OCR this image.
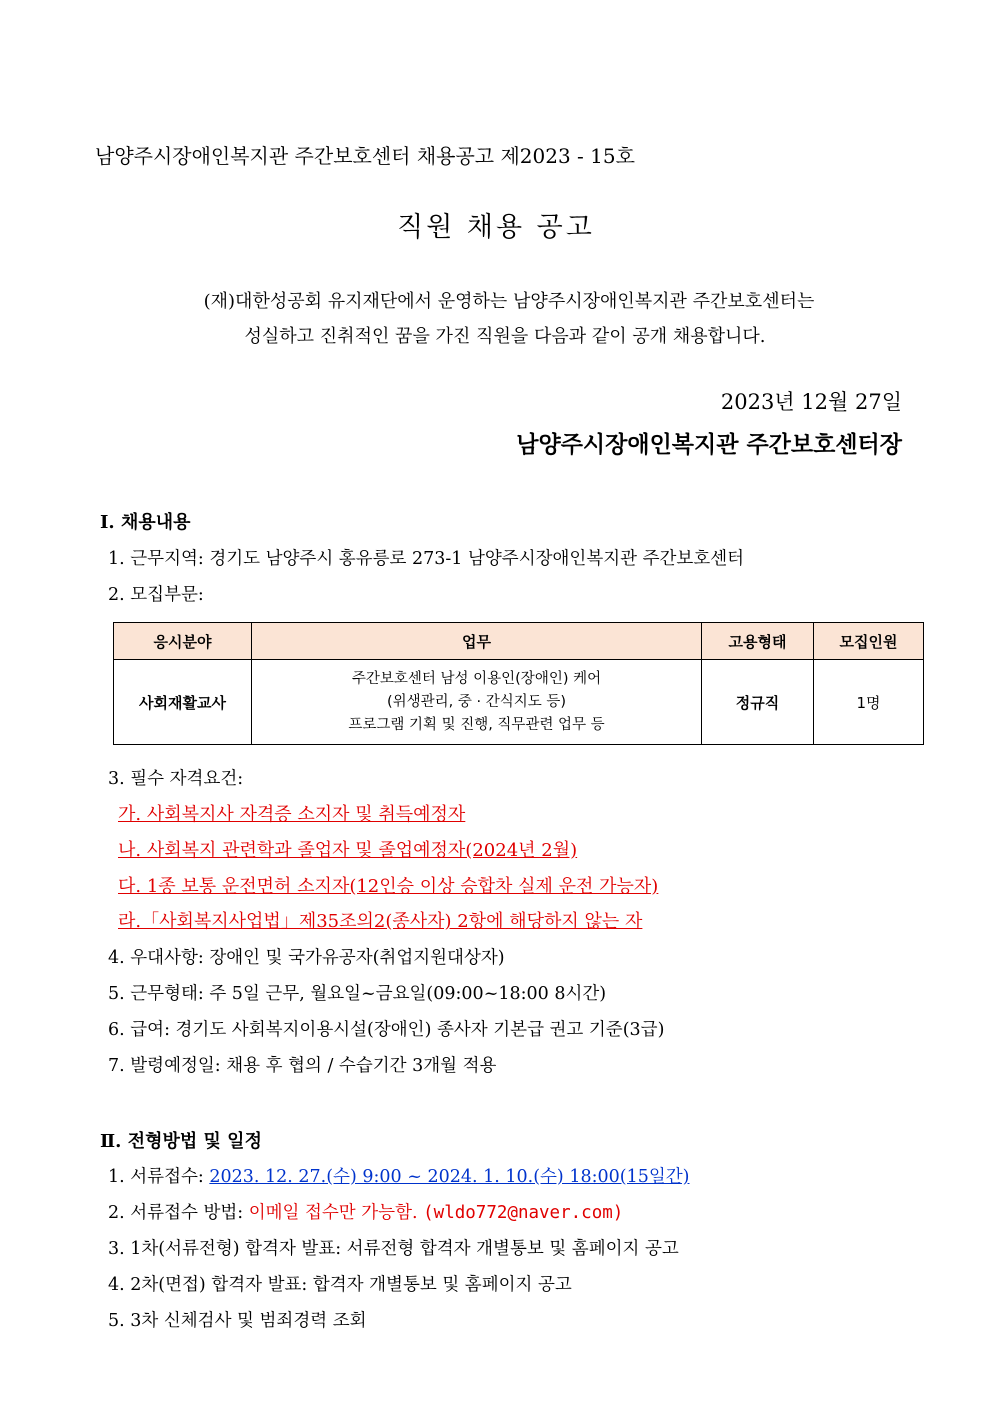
남양주시장애인복지관 주간보호센터 채용공고 제2023 - 15호
직원 채용 공고
(재)대한성공회 유지재단에서 운영하는 남양주시장애인복지관 주간보호센터는
성실하고 진취적인 꿈을 가진 직원을 다음과 같이 공개 채용합니다.
2023년 12월 27일
남양주시장애인복지관 주간보호센터장
Ⅰ. 채용내용
1. 근무지역: 경기도 남양주시 홍유릉로 273-1 남양주시장애인복지관 주간보호센터
2. 모집부문:
응시분야	업무	고용형태	모집인원
사회재활교사	주간보호센터 남성 이용인(장애인) 케어
(위생관리, 중 · 간식지도 등)
프로그램 기획 및 진행, 직무관련 업무 등	정규직	1명
3. 필수 자격요건:
가. 사회복지사 자격증 소지자 및 취득예정자
나. 사회복지 관련학과 졸업자 및 졸업예정자(2024년 2월)
다. 1종 보통 운전면허 소지자(12인승 이상 승합차 실제 운전 가능자)
라.「사회복지사업법」제35조의2(종사자) 2항에 해당하지 않는 자
4. 우대사항: 장애인 및 국가유공자(취업지원대상자)
5. 근무형태: 주 5일 근무, 월요일~금요일(09:00~18:00 8시간)
6. 급여: 경기도 사회복지이용시설(장애인) 종사자 기본급 권고 기준(3급)
7. 발령예정일: 채용 후 협의 / 수습기간 3개월 적용
Ⅱ. 전형방법 및 일정
1. 서류접수: 2023. 12. 27.(수) 9:00 ~ 2024. 1. 10.(수) 18:00(15일간)
2. 서류접수 방법: 이메일 접수만 가능함. (wldo772@naver.com)
3. 1차(서류전형) 합격자 발표: 서류전형 합격자 개별통보 및 홈페이지 공고
4. 2차(면접) 합격자 발표: 합격자 개별통보 및 홈페이지 공고
5. 3차 신체검사 및 범죄경력 조회
